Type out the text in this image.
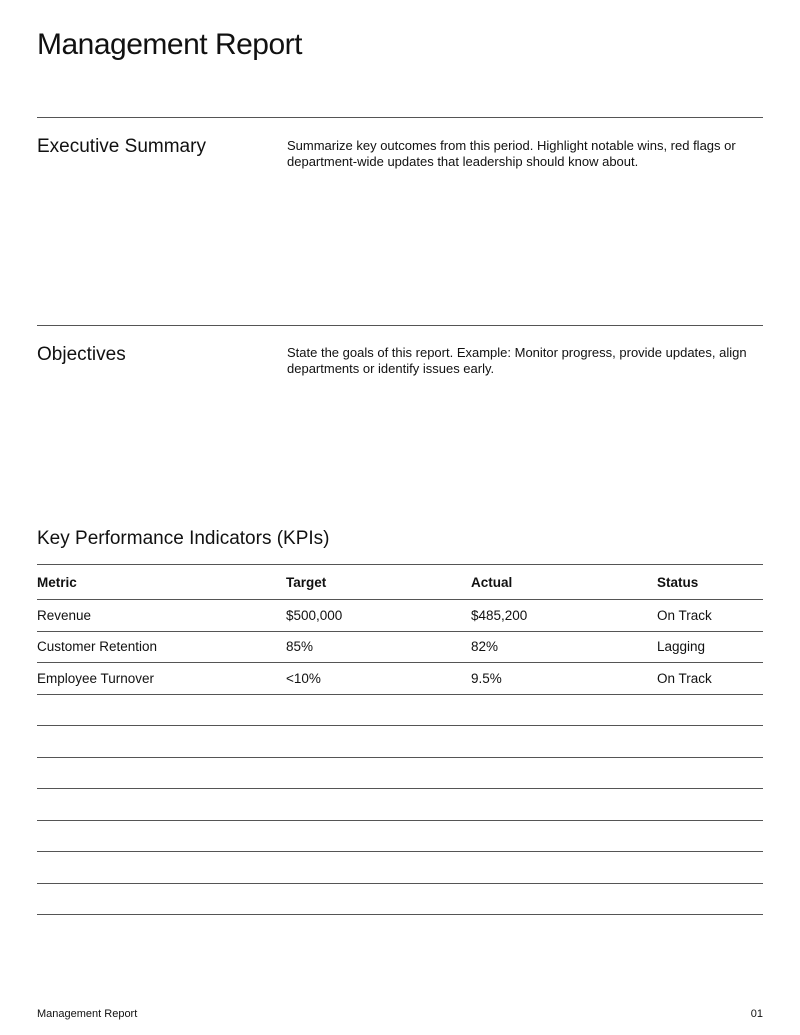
Management Report
Executive Summary	Summarize key outcomes from this period. Highlight notable wins, red flags or department-wide updates that leadership should know about.
Objectives	State the goals of this report. Example: Monitor progress, provide updates, align departments or identify issues early.
Key Performance Indicators (KPIs)
Metric	Target	Actual	Status
Revenue	$500,000	$485,200	On Track
Customer Retention	85%	82%	Lagging
Employee Turnover	<10%	9.5%	On Track

Management Report	01
